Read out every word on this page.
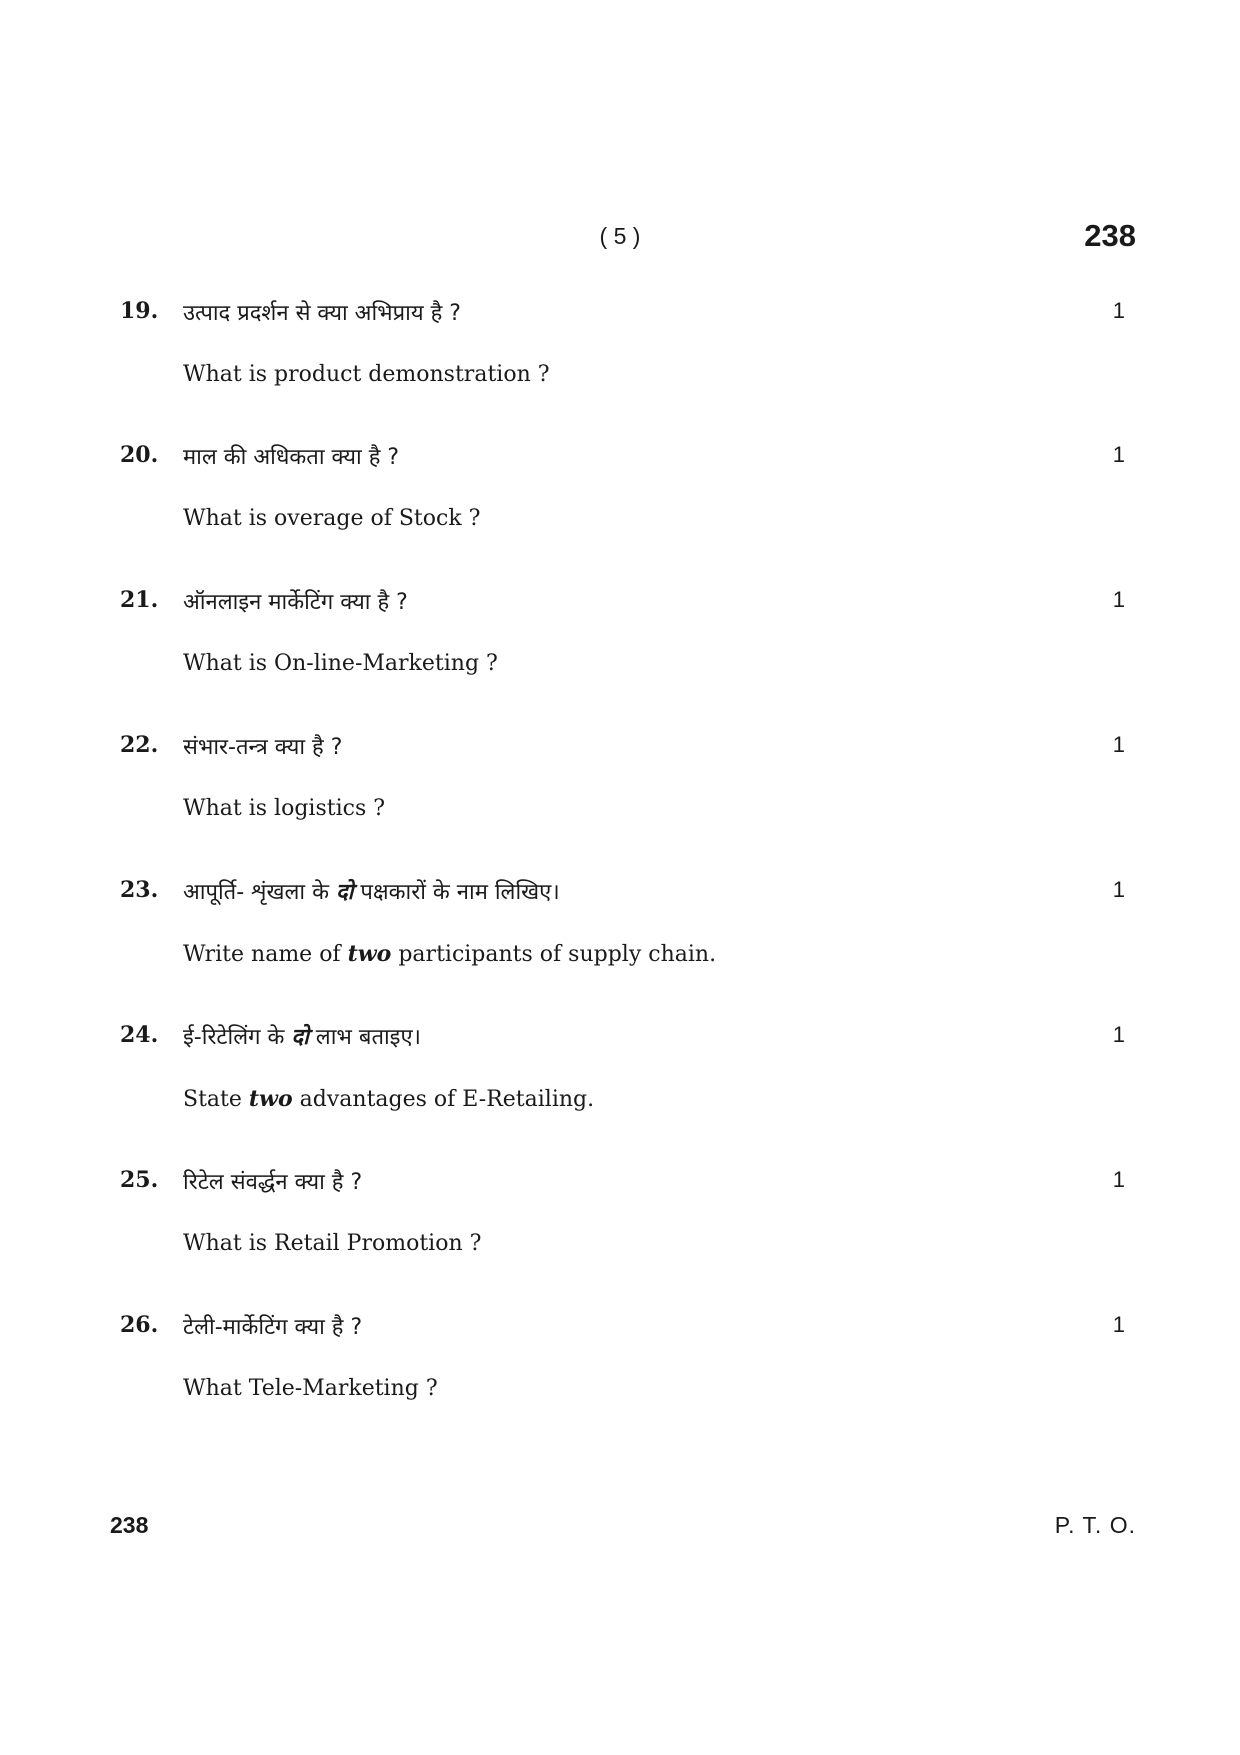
( 5 )	238
19. उत्पाद प्रदर्शन से क्या अभिप्राय है ?
What is product demonstration ?
1
20. माल की अधिकता क्या है ?
What is overage of Stock ?
1
21. ऑनलाइन मार्केटिंग क्या है ?
What is On-line-Marketing ?
1
22. संभार-तन्त्र क्या है ?
What is logistics ?
1
23. आपूर्ति- शृंखला के दो पक्षकारों के नाम लिखिए।
Write name of two participants of supply chain.
1
24. ई-रिटेलिंग के दो लाभ बताइए।
State two advantages of E-Retailing.
1
25. रिटेल संवर्द्धन क्या है ?
What is Retail Promotion ?
1
26. टेली-मार्केटिंग क्या है ?
What Tele-Marketing ?
1
238	P. T. O.
